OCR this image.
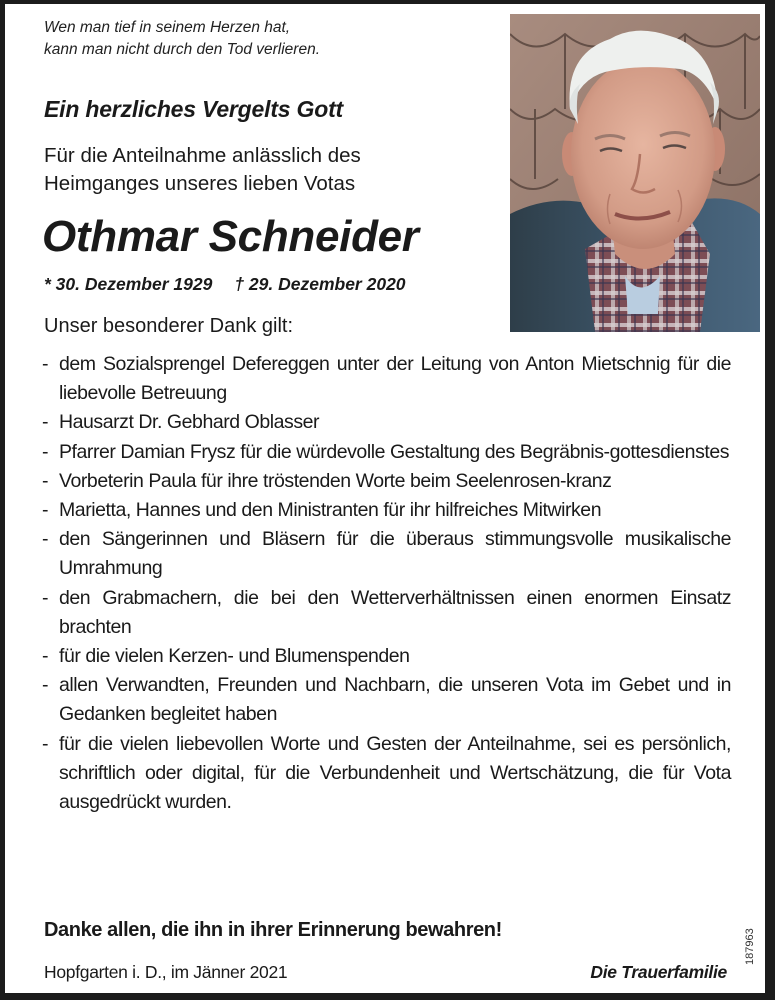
Wen man tief in seinem Herzen hat,
kann man nicht durch den Tod verlieren.
Ein herzliches Vergelts Gott
Für die Anteilnahme anlässlich des
Heimganges unseres lieben Votas
Othmar Schneider
* 30. Dezember 1929 † 29. Dezember 2020
Unser besonderer Dank gilt:
- dem Sozialsprengel Defereggen unter der Leitung von Anton Mietschnig für die liebevolle Betreuung
- Hausarzt Dr. Gebhard Oblasser
- Pfarrer Damian Frysz für die würdevolle Gestaltung des Begräbnis-gottesdienstes
- Vorbeterin Paula für ihre tröstenden Worte beim Seelenrosen-kranz
- Marietta, Hannes und den Ministranten für ihr hilfreiches Mitwirken
- den Sängerinnen und Bläsern für die überaus stimmungsvolle musikalische Umrahmung
- den Grabmachern, die bei den Wetterverhältnissen einen enormen Einsatz brachten
- für die vielen Kerzen- und Blumenspenden
- allen Verwandten, Freunden und Nachbarn, die unseren Vota im Gebet und in Gedanken begleitet haben
- für die vielen liebevollen Worte und Gesten der Anteilnahme, sei es persönlich, schriftlich oder digital, für die Verbundenheit und Wertschätzung, die für Vota ausgedrückt wurden.
Danke allen, die ihn in ihrer Erinnerung bewahren!
Hopfgarten i. D., im Jänner 2021	Die Trauerfamilie
187963
